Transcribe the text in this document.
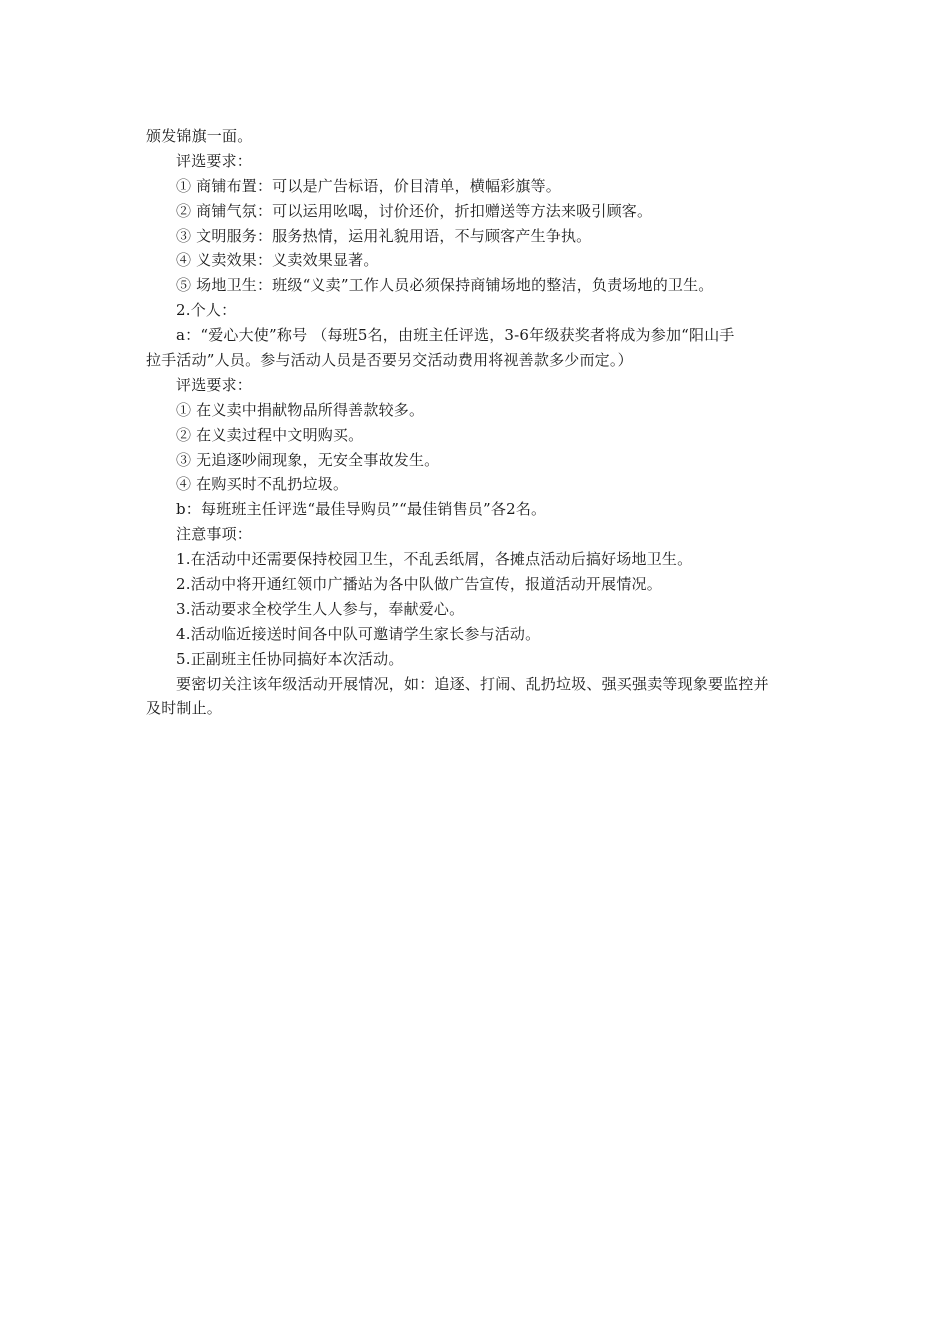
颁发锦旗一面。
评选要求：
① 商铺布置：可以是广告标语，价目清单，横幅彩旗等。
② 商铺气氛：可以运用吆喝，讨价还价，折扣赠送等方法来吸引顾客。
③ 文明服务：服务热情，运用礼貌用语，不与顾客产生争执。
④ 义卖效果：义卖效果显著。
⑤ 场地卫生：班级“义卖”工作人员必须保持商铺场地的整洁，负责场地的卫生。
2.个人：
a：“爱心大使”称号 （每班5名，由班主任评选，3-6年级获奖者将成为参加“阳山手
拉手活动”人员。参与活动人员是否要另交活动费用将视善款多少而定。）
评选要求：
① 在义卖中捐献物品所得善款较多。
② 在义卖过程中文明购买。
③ 无追逐吵闹现象，无安全事故发生。
④ 在购买时不乱扔垃圾。
b：每班班主任评选“最佳导购员”“最佳销售员”各2名。
注意事项：
1.在活动中还需要保持校园卫生，不乱丢纸屑，各摊点活动后搞好场地卫生。
2.活动中将开通红领巾广播站为各中队做广告宣传，报道活动开展情况。
3.活动要求全校学生人人参与，奉献爱心。
4.活动临近接送时间各中队可邀请学生家长参与活动。
5.正副班主任协同搞好本次活动。
要密切关注该年级活动开展情况，如：追逐、打闹、乱扔垃圾、强买强卖等现象要监控并
及时制止。
